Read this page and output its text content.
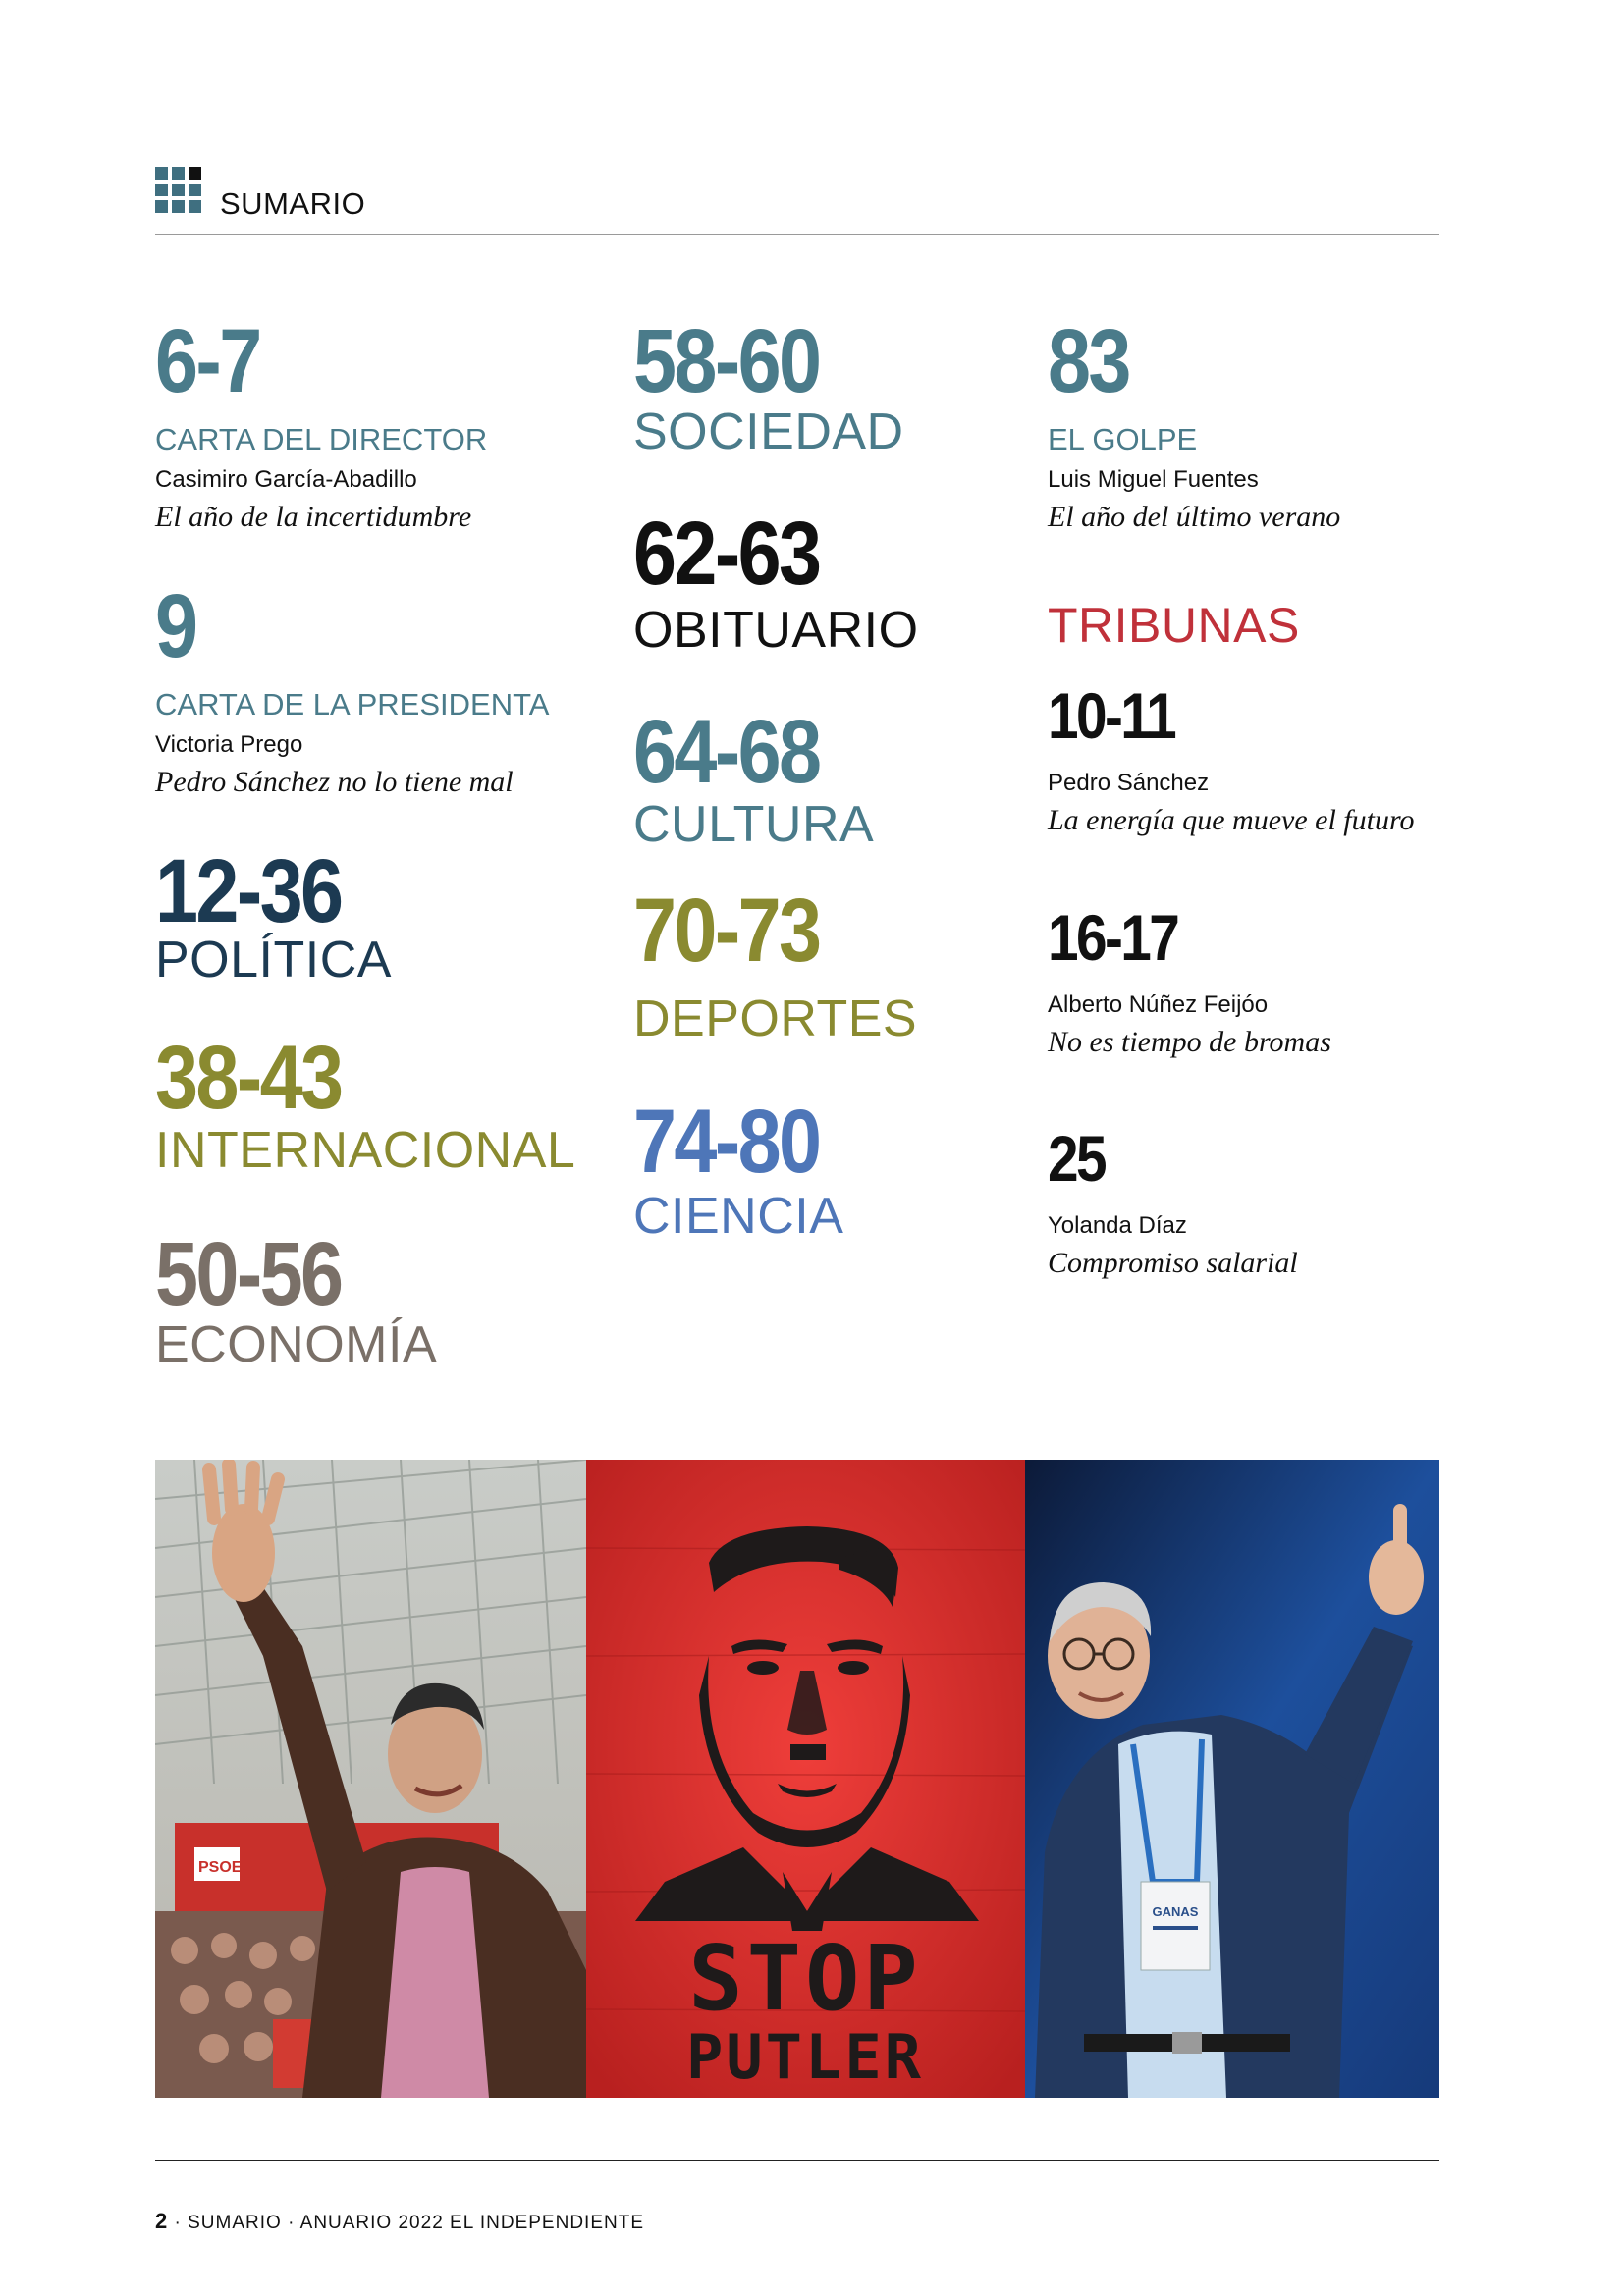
SUMARIO
6-7
CARTA DEL DIRECTOR
Casimiro García-Abadillo
El año de la incertidumbre
9
CARTA DE LA PRESIDENTA
Victoria Prego
Pedro Sánchez no lo tiene mal
12-36
POLÍTICA
38-43
INTERNACIONAL
50-56
ECONOMÍA
58-60
SOCIEDAD
62-63
OBITUARIO
64-68
CULTURA
70-73
DEPORTES
74-80
CIENCIA
83
EL GOLPE
Luis Miguel Fuentes
El año del último verano
TRIBUNAS
10-11
Pedro Sánchez
La energía que mueve el futuro
16-17
Alberto Núñez Feijóo
No es tiempo de bromas
25
Yolanda Díaz
Compromiso salarial
PSOE
STOP
PUTLER
GANAS
2 · SUMARIO · ANUARIO 2022 EL INDEPENDIENTE
